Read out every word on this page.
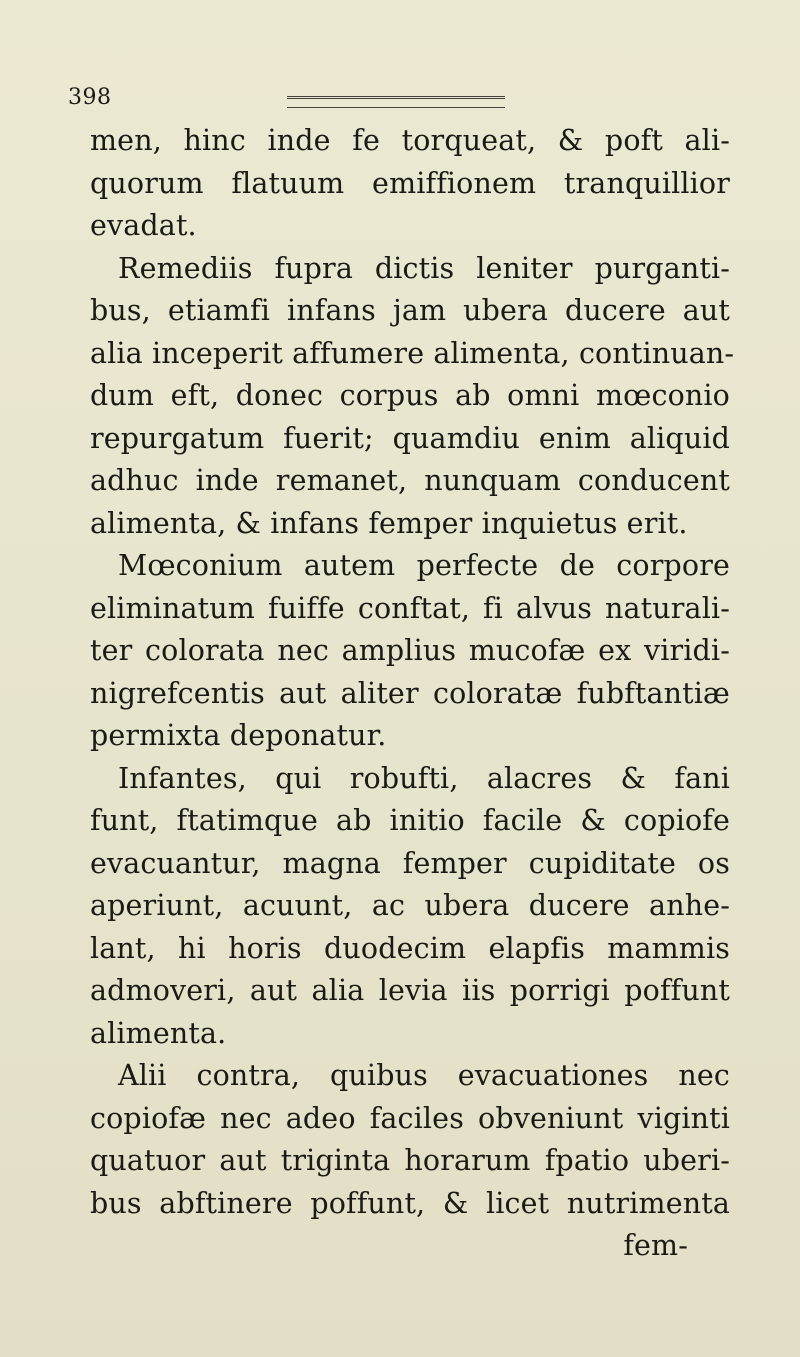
398
men, hinc inde fe torqueat, & poft ali-
quorum flatuum emiffionem tranquillior
evadat.
Remediis fupra dictis leniter purganti-
bus, etiamfi infans jam ubera ducere aut
alia inceperit affumere alimenta, continuan-
dum eft, donec corpus ab omni mœconio
repurgatum fuerit; quamdiu enim aliquid
adhuc inde remanet, nunquam conducent
alimenta, & infans femper inquietus erit.
Mœconium autem perfecte de corpore
eliminatum fuiffe conftat, fi alvus naturali-
ter colorata nec amplius mucofæ ex viridi-
nigrefcentis aut aliter coloratæ fubftantiæ
permixta deponatur.
Infantes, qui robufti, alacres & fani
funt, ftatimque ab initio facile & copiofe
evacuantur, magna femper cupiditate os
aperiunt, acuunt, ac ubera ducere anhe-
lant, hi horis duodecim elapfis mammis
admoveri, aut alia levia iis porrigi poffunt
alimenta.
Alii contra, quibus evacuationes nec
copiofæ nec adeo faciles obveniunt viginti
quatuor aut triginta horarum fpatio uberi-
bus abftinere poffunt, & licet nutrimenta
fem-
